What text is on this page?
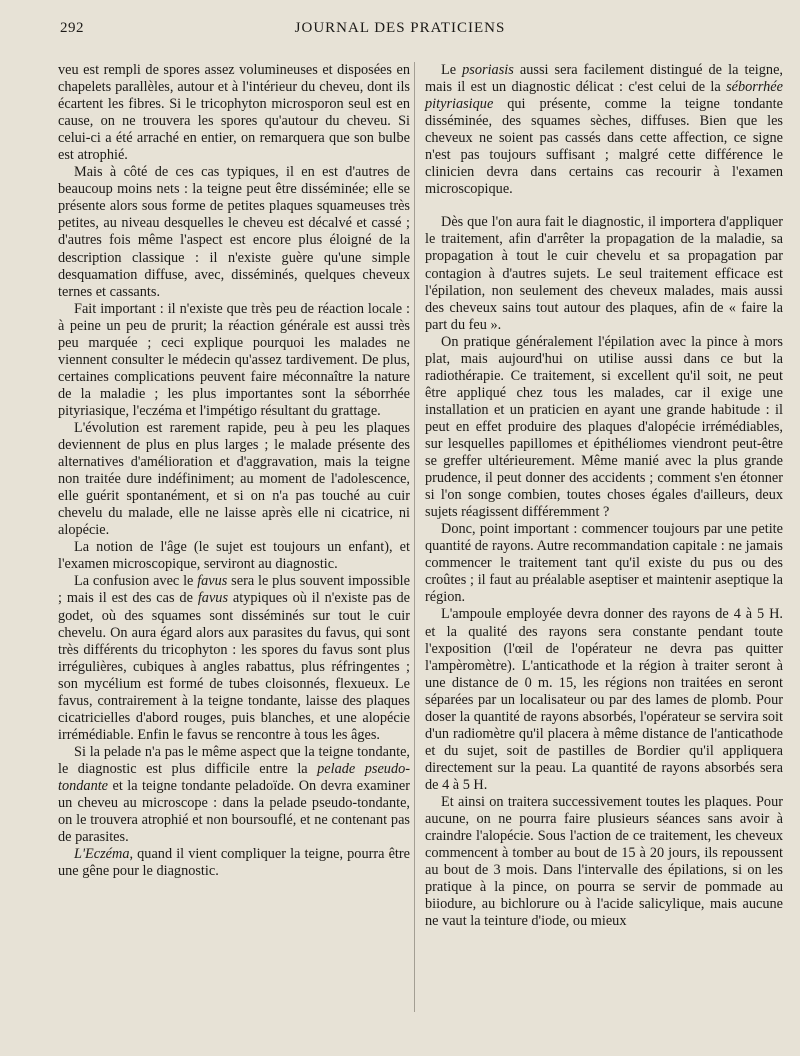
292	JOURNAL DES PRATICIENS

veu est rempli de spores assez volumineuses et disposées en chapelets parallèles, autour et à l'intérieur du cheveu, dont ils écartent les fibres. Si le tricophyton microsporon seul est en cause, on ne trouvera les spores qu'autour du cheveu. Si celui-ci a été arraché en entier, on remarquera que son bulbe est atrophié.

Mais à côté de ces cas typiques, il en est d'autres de beaucoup moins nets : la teigne peut être disséminée; elle se présente alors sous forme de petites plaques squameuses très petites, au niveau desquelles le cheveu est décalvé et cassé ; d'autres fois même l'aspect est encore plus éloigné de la description classique : il n'existe guère qu'une simple desquamation diffuse, avec, disséminés, quelques cheveux ternes et cassants.

Fait important : il n'existe que très peu de réaction locale : à peine un peu de prurit; la réaction générale est aussi très peu marquée ; ceci explique pourquoi les malades ne viennent consulter le médecin qu'assez tardivement. De plus, certaines complications peuvent faire méconnaître la nature de la maladie ; les plus importantes sont la séborrhée pityriasique, l'eczéma et l'impétigo résultant du grattage.

L'évolution est rarement rapide, peu à peu les plaques deviennent de plus en plus larges ; le malade présente des alternatives d'amélioration et d'aggravation, mais la teigne non traitée dure indéfiniment; au moment de l'adolescence, elle guérit spontanément, et si on n'a pas touché au cuir chevelu du malade, elle ne laisse après elle ni cicatrice, ni alopécie.

La notion de l'âge (le sujet est toujours un enfant), et l'examen microscopique, serviront au diagnostic.

La confusion avec le favus sera le plus souvent impossible ; mais il est des cas de favus atypiques où il n'existe pas de godet, où des squames sont disséminés sur tout le cuir chevelu. On aura égard alors aux parasites du favus, qui sont très différents du tricophyton : les spores du favus sont plus irrégulières, cubiques à angles rabattus, plus réfringentes ; son mycélium est formé de tubes cloisonnés, flexueux. Le favus, contrairement à la teigne tondante, laisse des plaques cicatricielles d'abord rouges, puis blanches, et une alopécie irrémédiable. Enfin le favus se rencontre à tous les âges.

Si la pelade n'a pas le même aspect que la teigne tondante, le diagnostic est plus difficile entre la pelade pseudo-tondante et la teigne tondante peladoïde. On devra examiner un cheveu au microscope : dans la pelade pseudo-tondante, on le trouvera atrophié et non boursouflé, et ne contenant pas de parasites.

L'Eczéma, quand il vient compliquer la teigne, pourra être une gêne pour le diagnostic.

Le psoriasis aussi sera facilement distingué de la teigne, mais il est un diagnostic délicat : c'est celui de la séborrhée pityriasique qui présente, comme la teigne tondante disséminée, des squames sèches, diffuses. Bien que les cheveux ne soient pas cassés dans cette affection, ce signe n'est pas toujours suffisant ; malgré cette différence le clinicien devra dans certains cas recourir à l'examen microscopique.

Dès que l'on aura fait le diagnostic, il importera d'appliquer le traitement, afin d'arrêter la propagation de la maladie, sa propagation à tout le cuir chevelu et sa propagation par contagion à d'autres sujets. Le seul traitement efficace est l'épilation, non seulement des cheveux malades, mais aussi des cheveux sains tout autour des plaques, afin de « faire la part du feu ».

On pratique généralement l'épilation avec la pince à mors plat, mais aujourd'hui on utilise aussi dans ce but la radiothérapie. Ce traitement, si excellent qu'il soit, ne peut être appliqué chez tous les malades, car il exige une installation et un praticien en ayant une grande habitude : il peut en effet produire des plaques d'alopécie irrémédiables, sur lesquelles papillomes et épithéliomes viendront peut-être se greffer ultérieurement. Même manié avec la plus grande prudence, il peut donner des accidents ; comment s'en étonner si l'on songe combien, toutes choses égales d'ailleurs, deux sujets réagissent différemment ?

Donc, point important : commencer toujours par une petite quantité de rayons. Autre recommandation capitale : ne jamais commencer le traitement tant qu'il existe du pus ou des croûtes ; il faut au préalable aseptiser et maintenir aseptique la région.

L'ampoule employée devra donner des rayons de 4 à 5 H. et la qualité des rayons sera constante pendant toute l'exposition (l'œil de l'opérateur ne devra pas quitter l'ampèromètre). L'anticathode et la région à traiter seront à une distance de 0 m. 15, les régions non traitées en seront séparées par un localisateur ou par des lames de plomb. Pour doser la quantité de rayons absorbés, l'opérateur se servira soit d'un radiomètre qu'il placera à même distance de l'anticathode et du sujet, soit de pastilles de Bordier qu'il appliquera directement sur la peau. La quantité de rayons absorbés sera de 4 à 5 H.

Et ainsi on traitera successivement toutes les plaques. Pour aucune, on ne pourra faire plusieurs séances sans avoir à craindre l'alopécie. Sous l'action de ce traitement, les cheveux commencent à tomber au bout de 15 à 20 jours, ils repoussent au bout de 3 mois. Dans l'intervalle des épilations, si on les pratique à la pince, on pourra se servir de pommade au biiodure, au bichlorure ou à l'acide salicylique, mais aucune ne vaut la teinture d'iode, ou mieux
